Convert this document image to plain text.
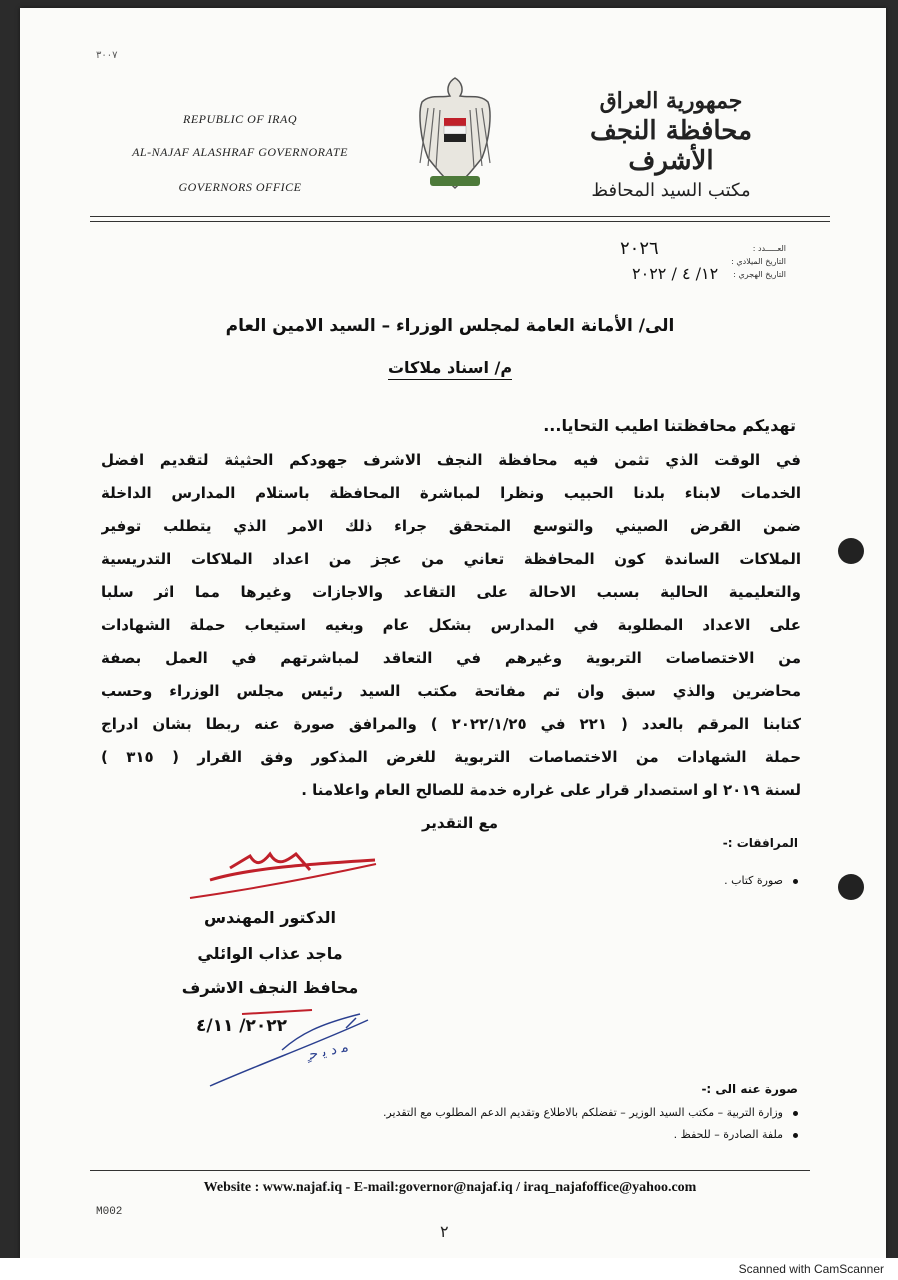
٣٠٠٧
REPUBLIC OF IRAQ
AL-NAJAF ALASHRAF GOVERNORATE
GOVERNORS OFFICE
جمهورية العراق
محافظة النجف الأشرف
مكتب السيد المحافظ
العـــــدد :
التاريخ الميلادي :
التاريخ الهجري :
٢٠٢٦
١٢/ ٤ / ٢٠٢٢
الى/ الأمانة العامة لمجلس الوزراء – السيد الامين العام
م/ اسناد ملاكات
تهديكم محافظتنا اطيب التحايا...
في الوقت الذي تثمن فيه محافظة النجف الاشرف جهودكم الحثيثة لتقديم افضل
الخدمات لابناء بلدنا الحبيب ونظرا لمباشرة المحافظة باستلام المدارس الداخلة
ضمن القرض الصيني والتوسع المتحقق جراء ذلك الامر الذي يتطلب توفير
الملاكات الساندة كون المحافظة تعاني من عجز من اعداد الملاكات التدريسية
والتعليمية الحالية بسبب الاحالة على التقاعد والاجازات وغيرها مما اثر سلبا
على الاعداد المطلوبة في المدارس بشكل عام وبغيه استيعاب حملة الشهادات
من الاختصاصات التربوية وغيرهم في التعاقد لمباشرتهم في العمل بصفة
محاضرين والذي سبق وان تم مفاتحة مكتب السيد رئيس مجلس الوزراء وحسب
كتابنا المرقم بالعدد ( ٢٢١ في ٢٠٢٢/١/٢٥ ) والمرافق صورة عنه ربطا بشان ادراج
حملة الشهادات من الاختصاصات التربوية للغرض المذكور وفق القرار ( ٣١٥ )
لسنة ٢٠١٩ او استصدار قرار على غراره خدمة للصالح العام واعلامنا .
مع التقدير
المرافقات :-
صورة كتاب .
ٍ ﻣ ﺩ ﯾ ﺣ
الدكتور المهندس
ماجد عذاب الوائلي
محافظ النجف الاشرف
٢٠٢٢/ ٤/١١
صورة عنه الى :-
وزارة التربية – مكتب السيد الوزير – تفضلكم بالاطلاع وتقديم الدعم المطلوب مع التقدير.
ملفة الصادرة – للحفظ .
Website : www.najaf.iq - E-mail:governor@najaf.iq / iraq_najafoffice@yahoo.com
M002
٢
Scanned with CamScanner
